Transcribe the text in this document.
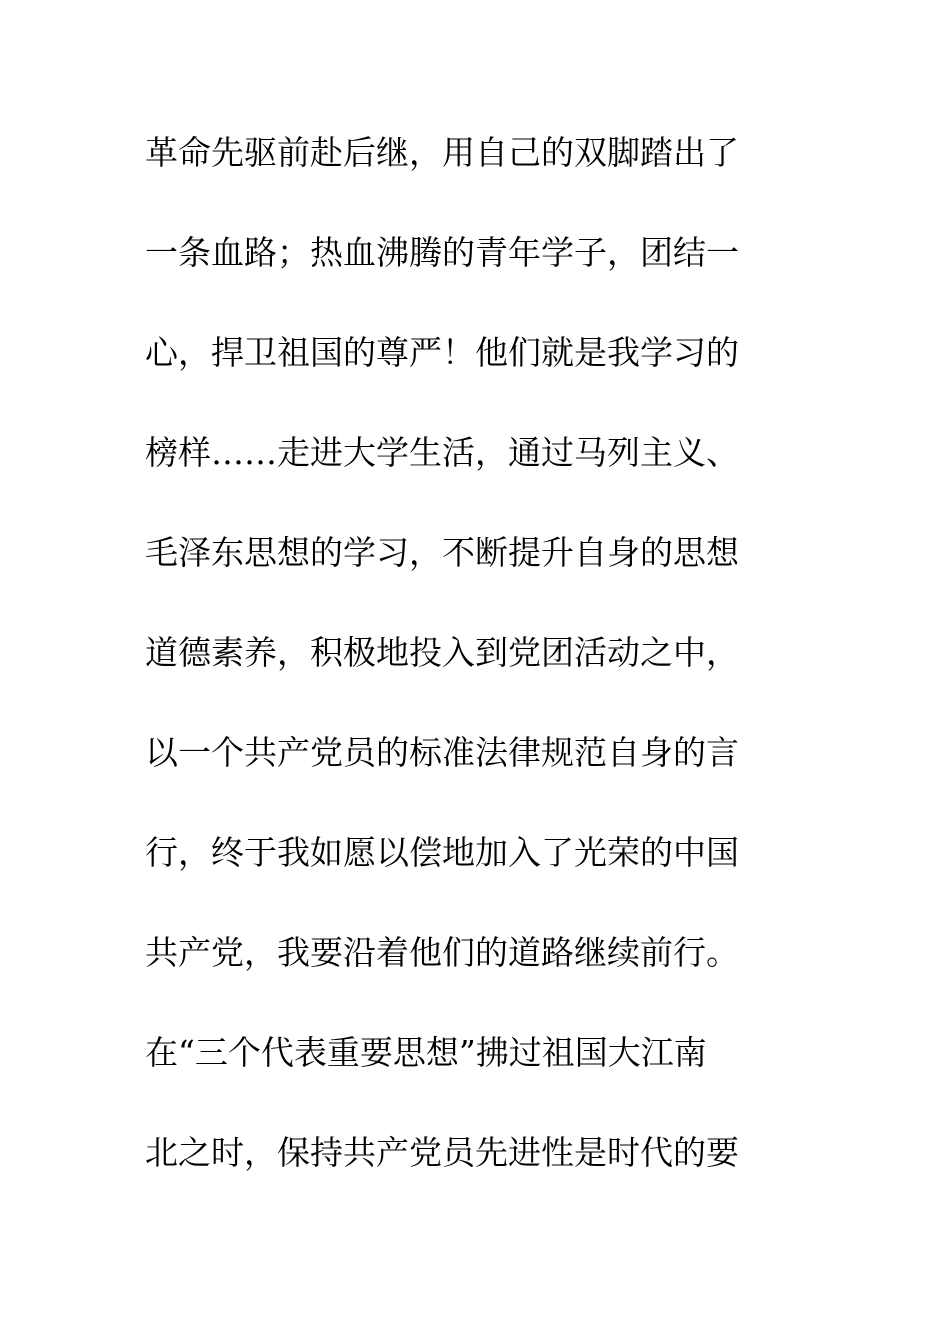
革命先驱前赴后继，用自己的双脚踏出了
一条血路；热血沸腾的青年学子，团结一
心，捍卫祖国的尊严！他们就是我学习的
榜样……走进大学生活，通过马列主义、
毛泽东思想的学习，不断提升自身的思想
道德素养，积极地投入到党团活动之中，
以一个共产党员的标准法律规范自身的言
行，终于我如愿以偿地加入了光荣的中国
共产党，我要沿着他们的道路继续前行。
在“三个代表重要思想”拂过祖国大江南
北之时，保持共产党员先进性是时代的要
